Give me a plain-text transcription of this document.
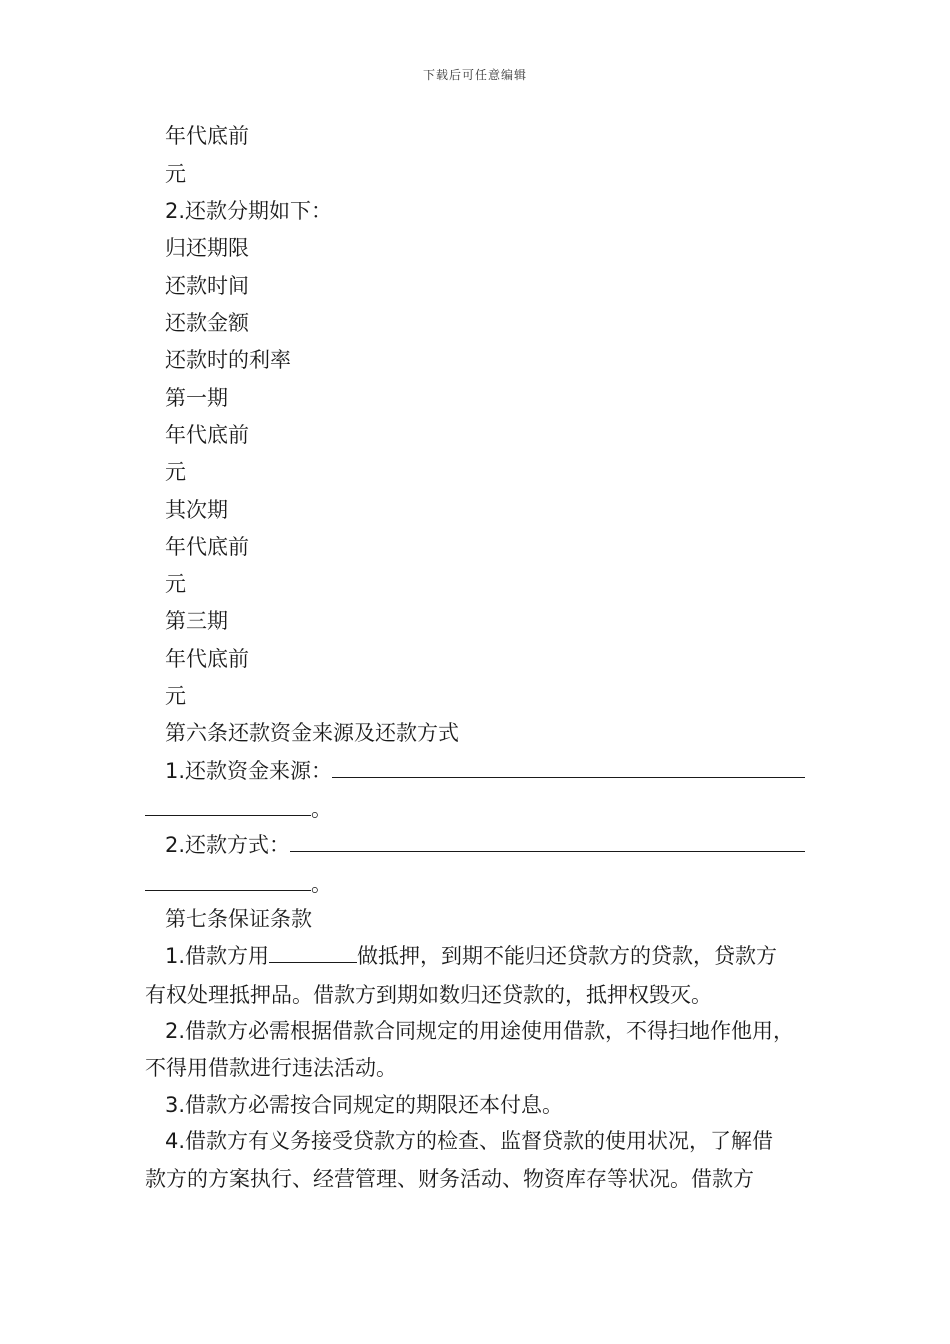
下载后可任意编辑
年代底前
元
2.还款分期如下：
归还期限
还款时间
还款金额
还款时的利率
第一期
年代底前
元
其次期
年代底前
元
第三期
年代底前
元
第六条还款资金来源及还款方式
1.还款资金来源：
。
2.还款方式：
。
第七条保证条款
1.借款方用	做抵押，到期不能归还贷款方的贷款，贷款方
有权处理抵押品。借款方到期如数归还贷款的，抵押权毁灭。
2.借款方必需根据借款合同规定的用途使用借款，不得扫地作他用，
不得用借款进行违法活动。
3.借款方必需按合同规定的期限还本付息。
4.借款方有义务接受贷款方的检查、监督贷款的使用状况，了解借
款方的方案执行、经营管理、财务活动、物资库存等状况。借款方
